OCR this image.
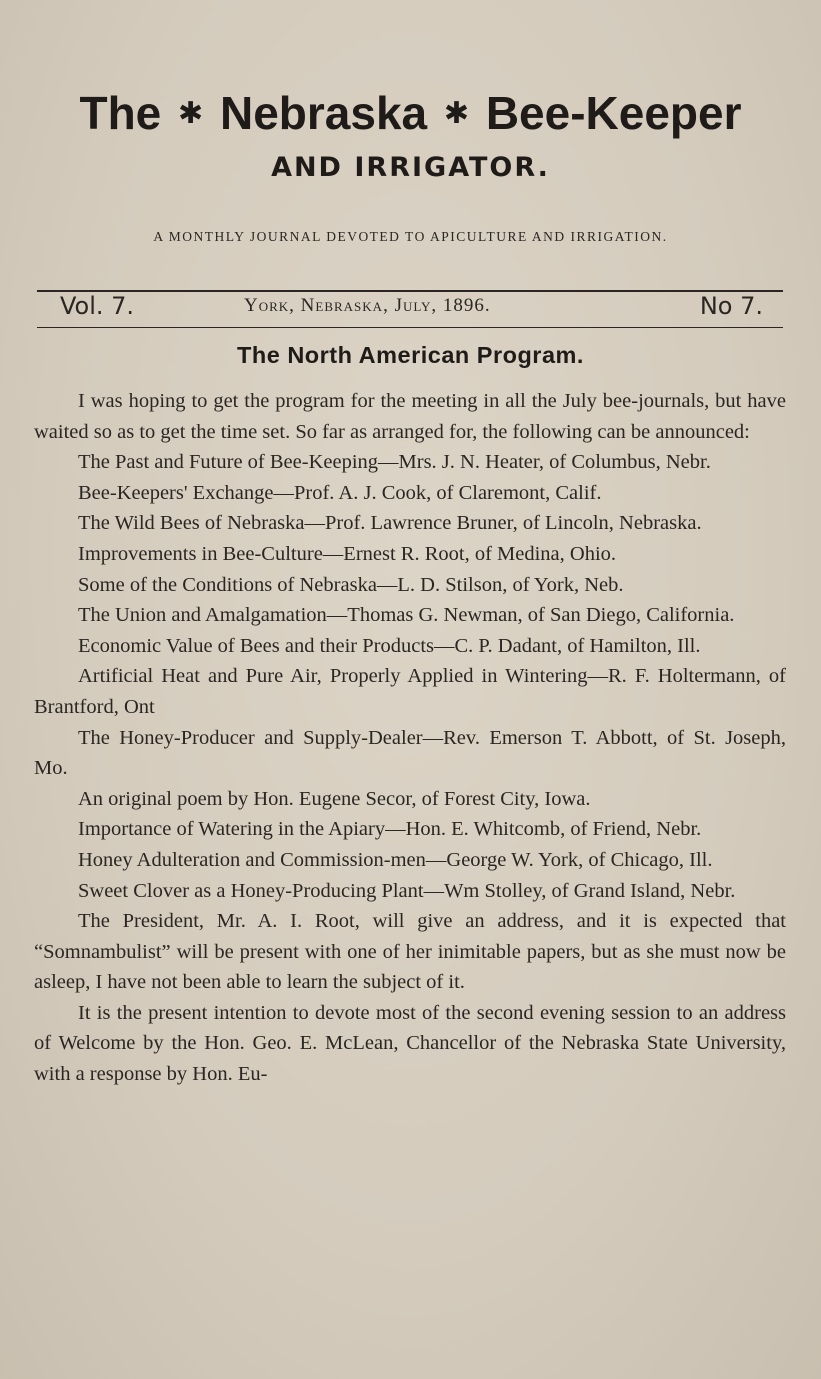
The ✱ Nebraska ✱ Bee-Keeper
AND IRRIGATOR.
A MONTHLY JOURNAL DEVOTED TO APICULTURE AND IRRIGATION.
Vol. 7.	York, Nebraska, July, 1896.	No 7.
The North American Program.

I was hoping to get the program for the meeting in all the July bee-journals, but have waited so as to get the time set. So far as arranged for, the following can be announced:

The Past and Future of Bee-Keeping—Mrs. J. N. Heater, of Columbus, Nebr.

Bee-Keepers' Exchange—Prof. A. J. Cook, of Claremont, Calif.

The Wild Bees of Nebraska—Prof. Lawrence Bruner, of Lincoln, Nebraska.

Improvements in Bee-Culture—Ernest R. Root, of Medina, Ohio.

Some of the Conditions of Nebraska—L. D. Stilson, of York, Neb.

The Union and Amalgamation—Thomas G. Newman, of San Diego, California.

Economic Value of Bees and their Products—C. P. Dadant, of Hamilton, Ill.

Artificial Heat and Pure Air, Properly Applied in Wintering—R. F. Holtermann, of Brantford, Ont

The Honey-Producer and Supply-Dealer—Rev. Emerson T. Abbott, of St. Joseph, Mo.

An original poem by Hon. Eugene Secor, of Forest City, Iowa.

Importance of Watering in the Apiary—Hon. E. Whitcomb, of Friend, Nebr.

Honey Adulteration and Commission-men—George W. York, of Chicago, Ill.

Sweet Clover as a Honey-Producing Plant—Wm Stolley, of Grand Island, Nebr.

The President, Mr. A. I. Root, will give an address, and it is expected that “Somnambulist” will be present with one of her inimitable papers, but as she must now be asleep, I have not been able to learn the subject of it.

It is the present intention to devote most of the second evening session to an address of Welcome by the Hon. Geo. E. McLean, Chancellor of the Nebraska State University, with a response by Hon. Eu-
